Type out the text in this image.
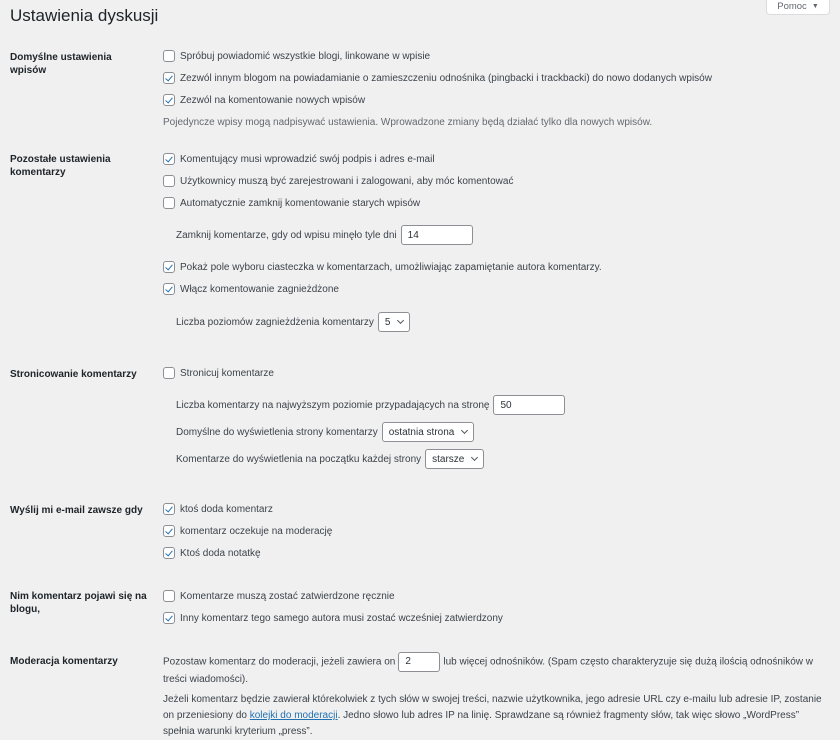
Ustawienia dyskusji	Pomoc ▼
Domyślne ustawienia wpisów
Spróbuj powiadomić wszystkie blogi, linkowane w wpisie
Zezwól innym blogom na powiadamianie o zamieszczeniu odnośnika (pingbacki i trackbacki) do nowo dodanych wpisów
Zezwól na komentowanie nowych wpisów
Pojedyncze wpisy mogą nadpisywać ustawienia. Wprowadzone zmiany będą działać tylko dla nowych wpisów.
Pozostałe ustawienia komentarzy
Komentujący musi wprowadzić swój podpis i adres e-mail
Użytkownicy muszą być zarejestrowani i zalogowani, aby móc komentować
Automatycznie zamknij komentowanie starych wpisów
Zamknij komentarze, gdy od wpisu minęło tyle dni	14
Pokaż pole wyboru ciasteczka w komentarzach, umożliwiając zapamiętanie autora komentarzy.
Włącz komentowanie zagnieżdżone
Liczba poziomów zagnieżdżenia komentarzy 5
Stronicowanie komentarzy	Stronicuj komentarze
Liczba komentarzy na najwyższym poziomie przypadających na stronę	50
Domyślne do wyświetlenia strony komentarzy ostatnia strona
Komentarze do wyświetlenia na początku każdej strony starsze
Wyślij mi e-mail zawsze gdy	ktoś doda komentarz
komentarz oczekuje na moderację
Ktoś doda notatkę
Nim komentarz pojawi się na blogu,
Komentarze muszą zostać zatwierdzone ręcznie
Inny komentarz tego samego autora musi zostać wcześniej zatwierdzony
Moderacja komentarzy	Pozostaw komentarz do moderacji, jeżeli zawiera on 2	lub więcej odnośników. (Spam często charakteryzuje się dużą ilością odnośników w treści wiadomości).
Jeżeli komentarz będzie zawierał którekolwiek z tych słów w swojej treści, nazwie użytkownika, jego adresie URL czy e-mailu lub adresie IP, zostanie on przeniesiony do kolejki do moderacji. Jedno słowo lub adres IP na linię. Sprawdzane są również fragmenty słów, tak więc słowo „WordPress” spełnia warunki kryterium „press”.
